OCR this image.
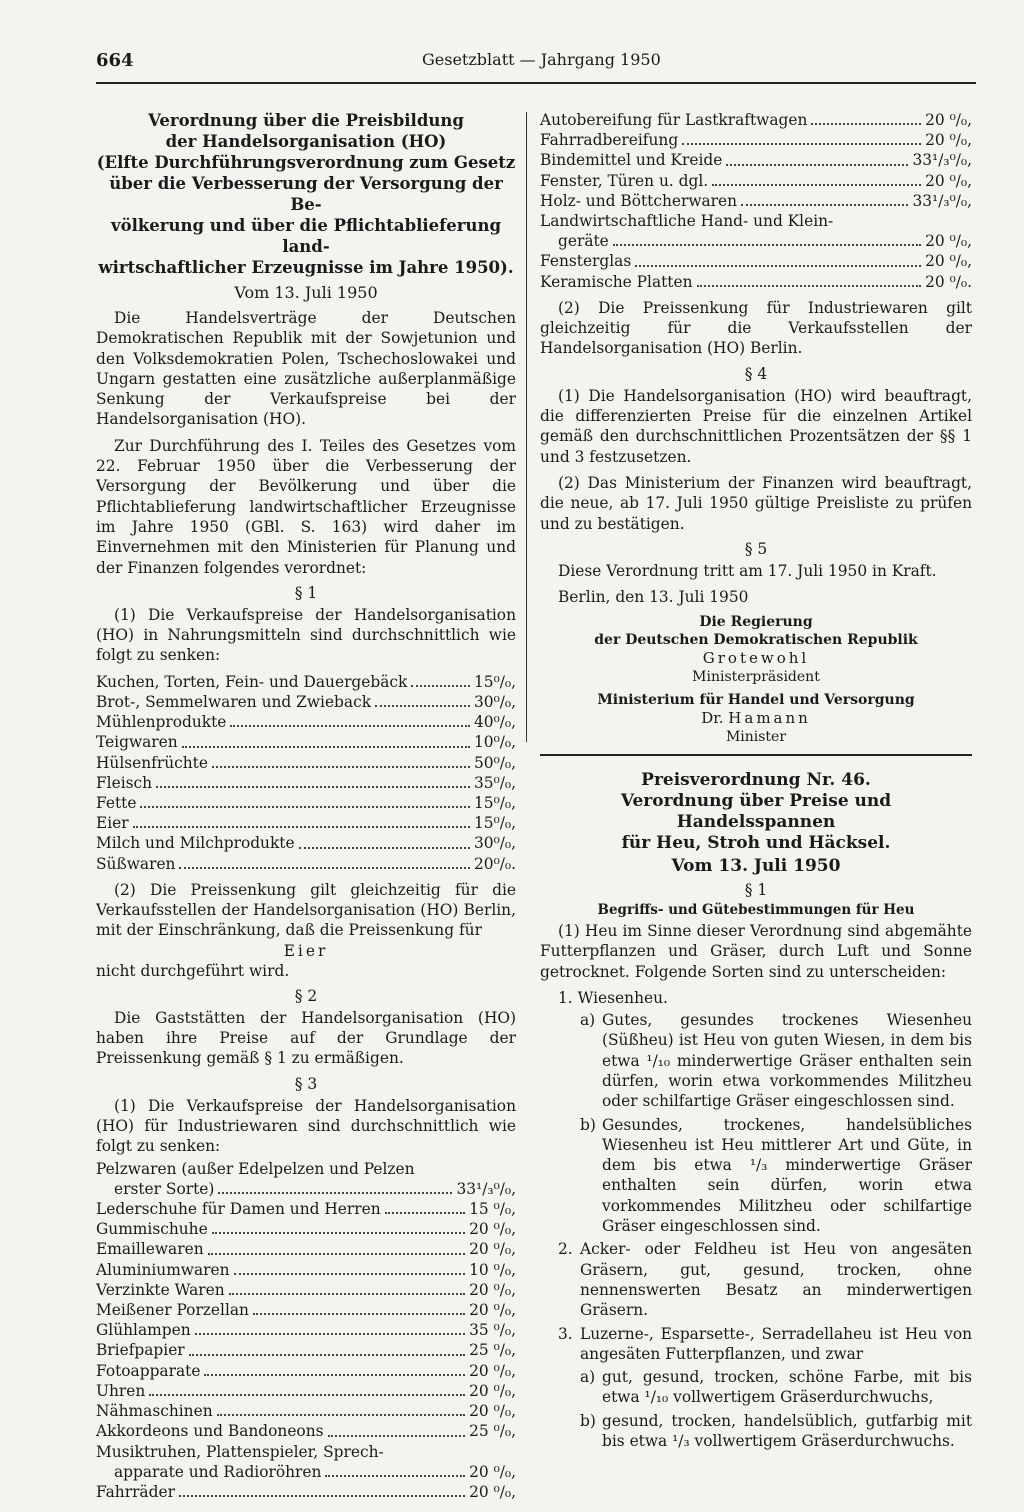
664	Gesetzblatt — Jahrgang 1950

Verordnung über die Preisbildung

der Handelsorganisation (HO)

(Elfte Durchführungsverordnung zum Gesetz

über die Verbesserung der Versorgung der Be-

völkerung und über die Pflichtablieferung land-

wirtschaftlicher Erzeugnisse im Jahre 1950).

Vom 13. Juli 1950

Die Handelsverträge der Deutschen Demokratischen Republik mit der Sowjetunion und den Volksdemokratien Polen, Tschechoslowakei und Ungarn gestatten eine zusätzliche außerplanmäßige Senkung der Verkaufspreise bei der Handelsorganisation (HO).

Zur Durchführung des I. Teiles des Gesetzes vom 22. Februar 1950 über die Verbesserung der Versorgung der Bevölkerung und über die Pflichtablieferung landwirtschaftlicher Erzeugnisse im Jahre 1950 (GBl. S. 163) wird daher im Einvernehmen mit den Ministerien für Planung und der Finanzen folgendes verordnet:

§ 1

(1) Die Verkaufspreise der Handelsorganisation (HO) in Nahrungsmitteln sind durchschnittlich wie folgt zu senken:

Kuchen, Torten, Fein- und Dauergebäck	15⁰/₀,
Brot-, Semmelwaren und Zwieback	30⁰/₀,
Mühlenprodukte	40⁰/₀,
Teigwaren	10⁰/₀,
Hülsenfrüchte	50⁰/₀,
Fleisch	35⁰/₀,
Fette	15⁰/₀,
Eier	15⁰/₀,
Milch und Milchprodukte	30⁰/₀,
Süßwaren	20⁰/₀.

(2) Die Preissenkung gilt gleichzeitig für die Verkaufsstellen der Handelsorganisation (HO) Berlin, mit der Einschränkung, daß die Preissenkung für

Eier

nicht durchgeführt wird.

§ 2

Die Gaststätten der Handelsorganisation (HO) haben ihre Preise auf der Grundlage der Preissenkung gemäß § 1 zu ermäßigen.

§ 3

(1) Die Verkaufspreise der Handelsorganisation (HO) für Industriewaren sind durchschnittlich wie folgt zu senken:

Pelzwaren (außer Edelpelzen und Pelzen
erster Sorte)	33¹/₃⁰/₀,
Lederschuhe für Damen und Herren	15 ⁰/₀,
Gummischuhe	20 ⁰/₀,
Emaillewaren	20 ⁰/₀,
Aluminiumwaren	10 ⁰/₀,
Verzinkte Waren	20 ⁰/₀,
Meißener Porzellan	20 ⁰/₀,
Glühlampen	35 ⁰/₀,
Briefpapier	25 ⁰/₀,
Fotoapparate	20 ⁰/₀,
Uhren	20 ⁰/₀,
Nähmaschinen	20 ⁰/₀,
Akkordeons und Bandoneons	25 ⁰/₀,
Musiktruhen, Plattenspieler, Sprech-
apparate und Radioröhren	20 ⁰/₀,
Fahrräder	20 ⁰/₀,
Autobereifung für Lastkraftwagen	20 ⁰/₀,
Fahrradbereifung	20 ⁰/₀,
Bindemittel und Kreide	33¹/₃⁰/₀,
Fenster, Türen u. dgl.	20 ⁰/₀,
Holz- und Böttcherwaren	33¹/₃⁰/₀,
Landwirtschaftliche Hand- und Klein-
geräte	20 ⁰/₀,
Fensterglas	20 ⁰/₀,
Keramische Platten	20 ⁰/₀.

(2) Die Preissenkung für Industriewaren gilt gleichzeitig für die Verkaufsstellen der Handelsorganisation (HO) Berlin.

§ 4

(1) Die Handelsorganisation (HO) wird beauftragt, die differenzierten Preise für die einzelnen Artikel gemäß den durchschnittlichen Prozentsätzen der §§ 1 und 3 festzusetzen.

(2) Das Ministerium der Finanzen wird beauftragt, die neue, ab 17. Juli 1950 gültige Preisliste zu prüfen und zu bestätigen.

§ 5

Diese Verordnung tritt am 17. Juli 1950 in Kraft.

Berlin, den 13. Juli 1950

Die Regierung

der Deutschen Demokratischen Republik

Grotewohl

Ministerpräsident

Ministerium für Handel und Versorgung

Dr. Hamann

Minister

Preisverordnung Nr. 46.

Verordnung über Preise und Handelsspannen

für Heu, Stroh und Häcksel.

Vom 13. Juli 1950

§ 1

Begriffs- und Gütebestimmungen für Heu

(1) Heu im Sinne dieser Verordnung sind abgemähte Futterpflanzen und Gräser, durch Luft und Sonne getrocknet. Folgende Sorten sind zu unterscheiden:

1. Wiesenheu.

a) Gutes, gesundes trockenes Wiesenheu (Süßheu) ist Heu von guten Wiesen, in dem bis etwa ¹/₁₀ minderwertige Gräser enthalten sein dürfen, worin etwa vorkommendes Militzheu oder schilfartige Gräser eingeschlossen sind.
b) Gesundes, trockenes, handelsübliches Wiesenheu ist Heu mittlerer Art und Güte, in dem bis etwa ¹/₃ minderwertige Gräser enthalten sein dürfen, worin etwa vorkommendes Militzheu oder schilfartige Gräser eingeschlossen sind.
2. Acker- oder Feldheu ist Heu von angesäten Gräsern, gut, gesund, trocken, ohne nennenswerten Besatz an minderwertigen Gräsern.
3. Luzerne-, Esparsette-, Serradellaheu ist Heu von angesäten Futterpflanzen, und zwar
a) gut, gesund, trocken, schöne Farbe, mit bis etwa ¹/₁₀ vollwertigem Gräserdurchwuchs,
b) gesund, trocken, handelsüblich, gutfarbig mit bis etwa ¹/₃ vollwertigem Gräserdurchwuchs.
